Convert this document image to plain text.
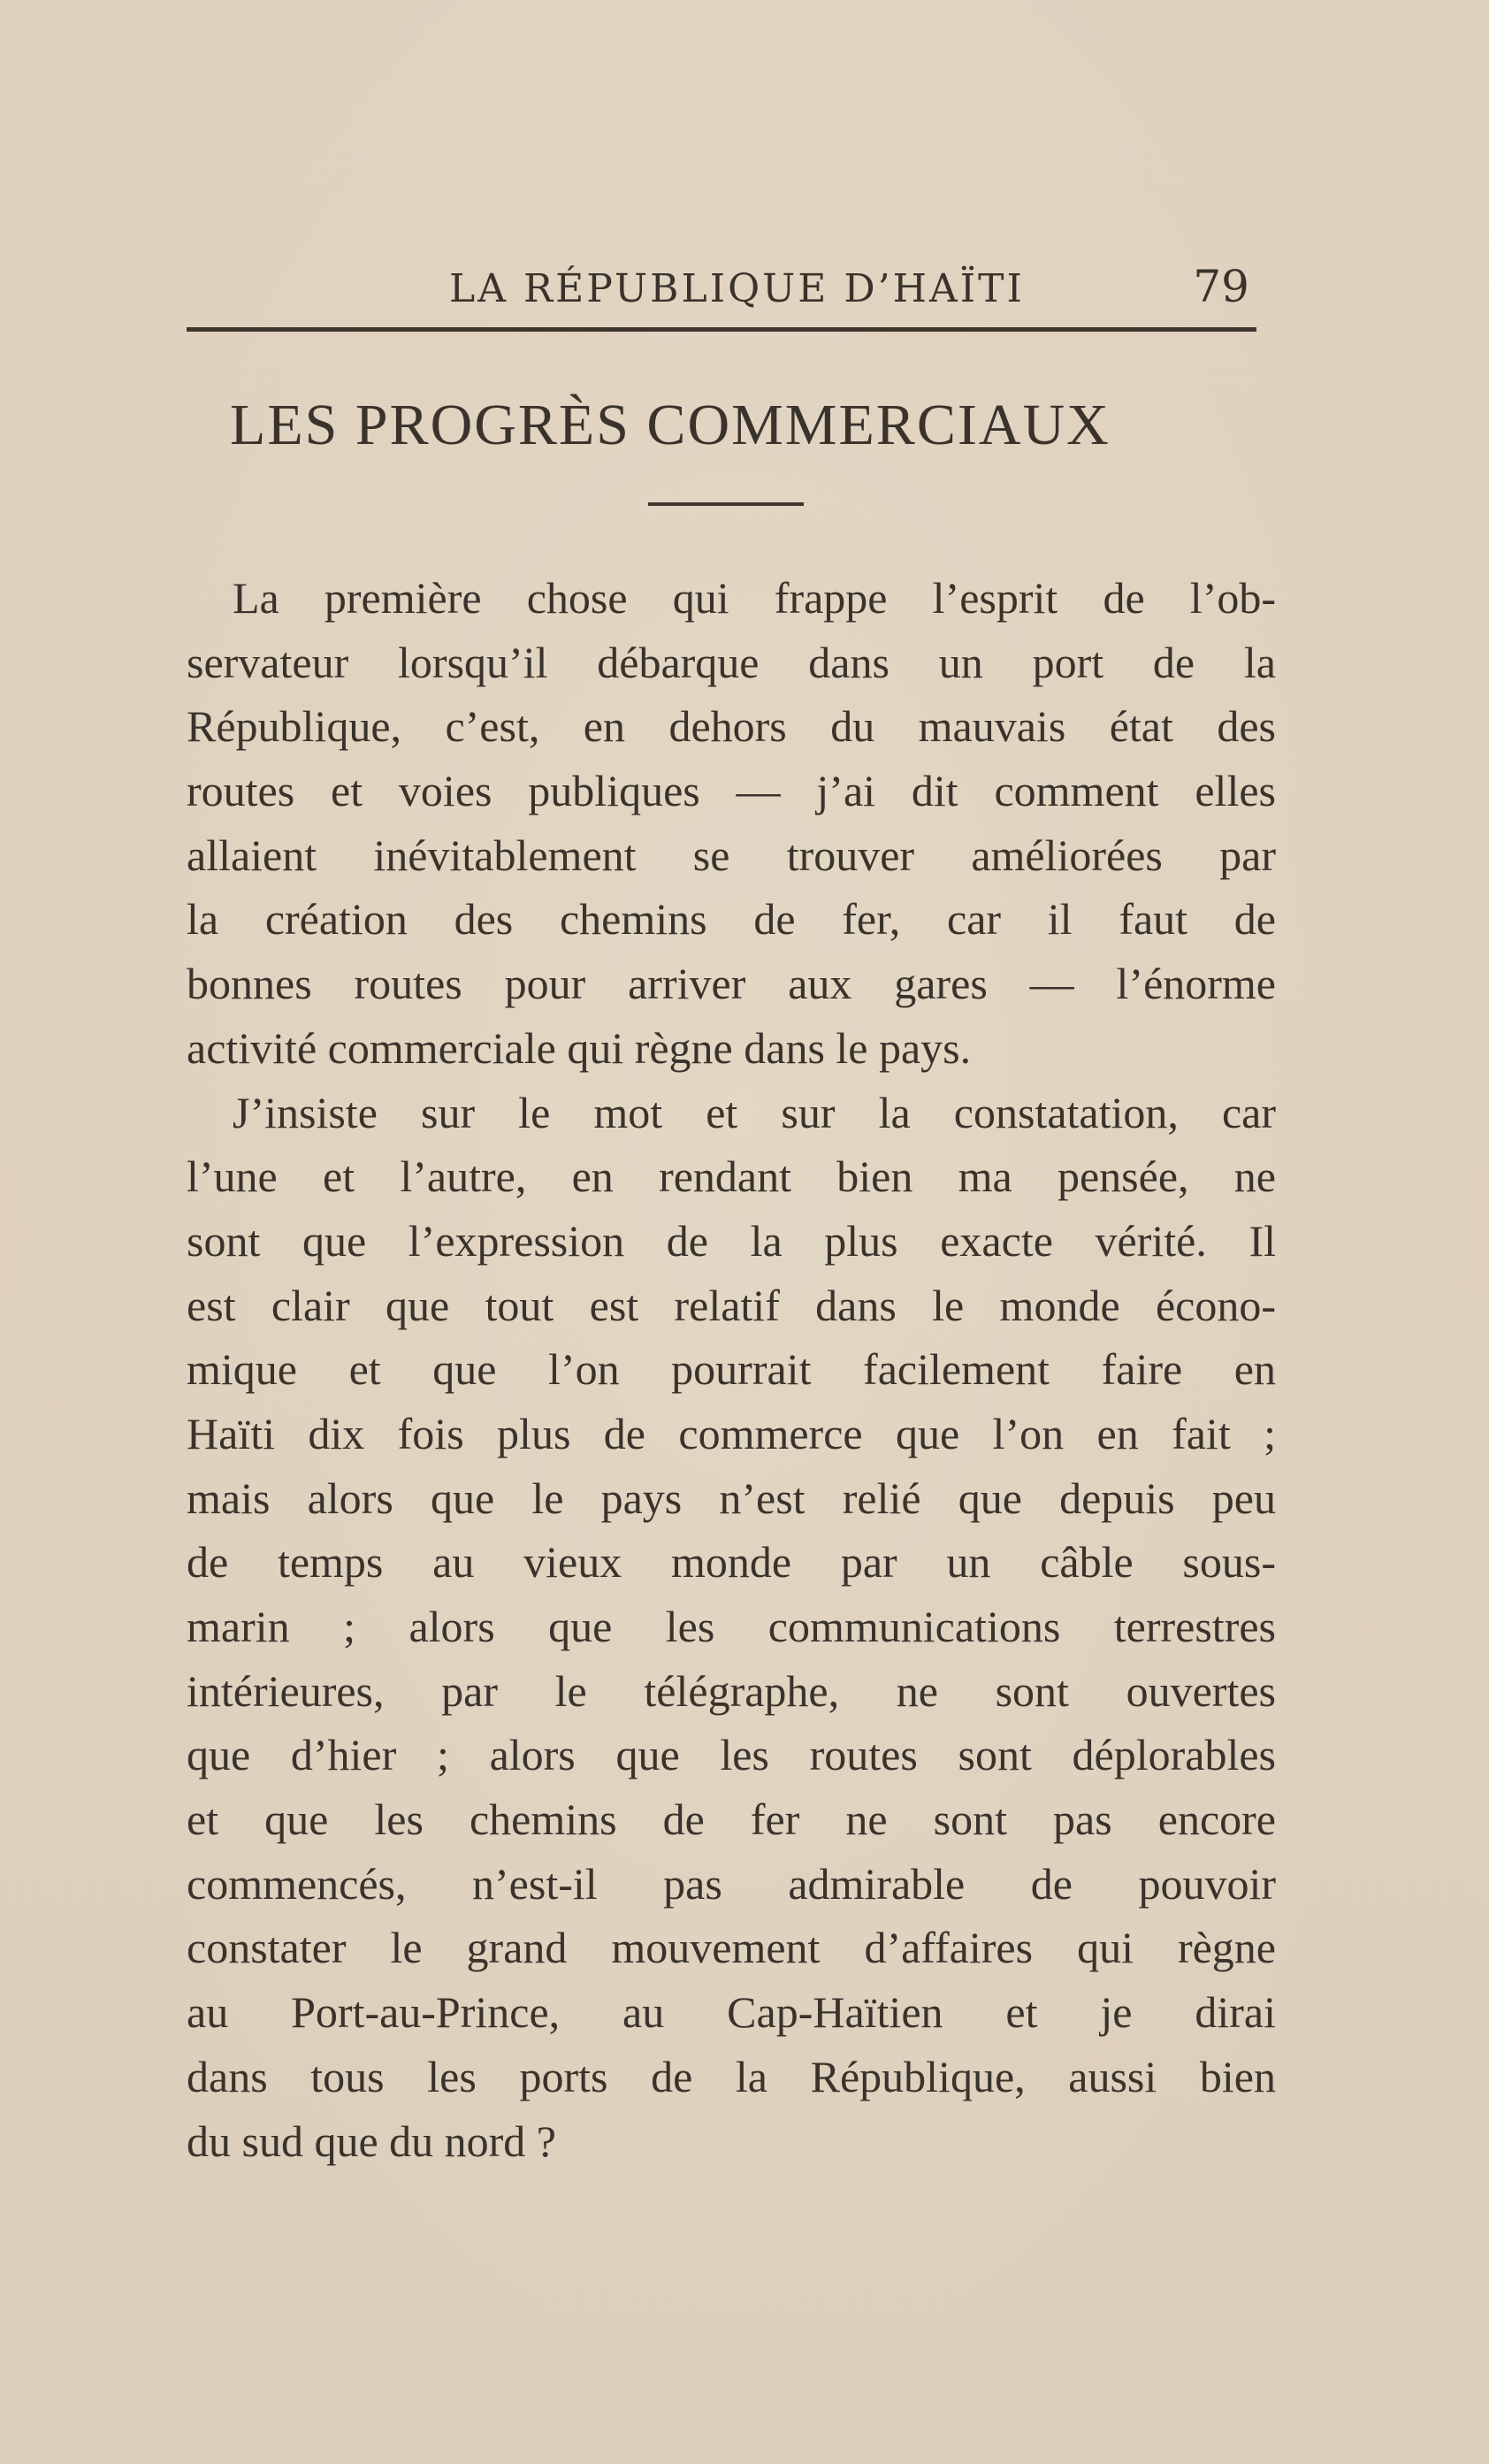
LA RÉPUBLIQUE D’HAÏTI	79
LES PROGRÈS COMMERCIAUX
La première chose qui frappe l’esprit de l’ob-
servateur lorsqu’il débarque dans un port de la
République, c’est, en dehors du mauvais état des
routes et voies publiques — j’ai dit comment elles
allaient inévitablement se trouver améliorées par
la création des chemins de fer, car il faut de
bonnes routes pour arriver aux gares — l’énorme
activité commerciale qui règne dans le pays.
J’insiste sur le mot et sur la constatation, car
l’une et l’autre, en rendant bien ma pensée, ne
sont que l’expression de la plus exacte vérité. Il
est clair que tout est relatif dans le monde écono-
mique et que l’on pourrait facilement faire en
Haïti dix fois plus de commerce que l’on en fait ;
mais alors que le pays n’est relié que depuis peu
de temps au vieux monde par un câble sous-
marin ; alors que les communications terrestres
intérieures, par le télégraphe, ne sont ouvertes
que d’hier ; alors que les routes sont déplorables
et que les chemins de fer ne sont pas encore
commencés, n’est-il pas admirable de pouvoir
constater le grand mouvement d’affaires qui règne
au Port-au-Prince, au Cap-Haïtien et je dirai
dans tous les ports de la République, aussi bien
du sud que du nord ?
